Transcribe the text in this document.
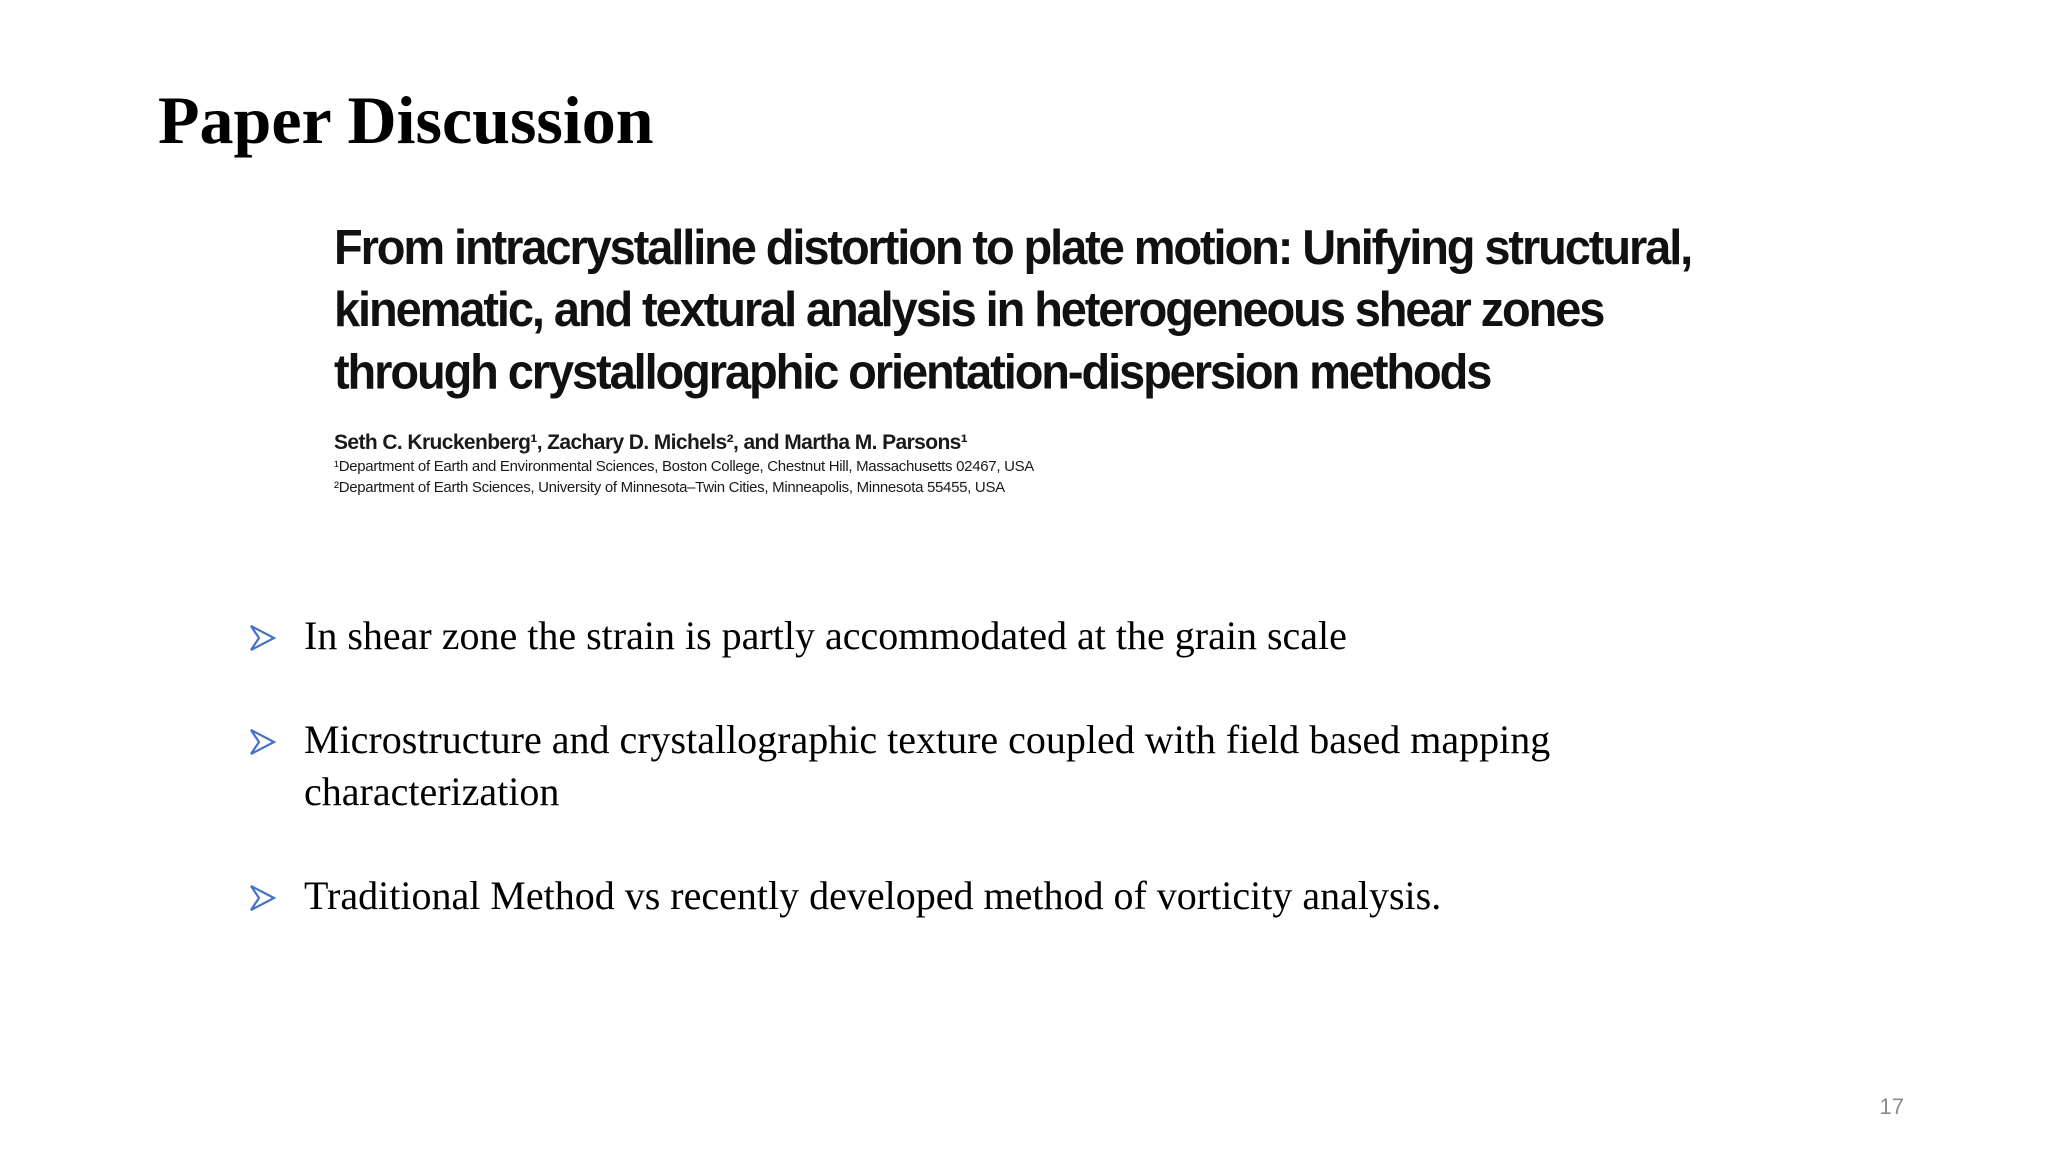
Paper Discussion
From intracrystalline distortion to plate motion: Unifying structural,
kinematic, and textural analysis in heterogeneous shear zones
through crystallographic orientation-dispersion methods
Seth C. Kruckenberg¹, Zachary D. Michels², and Martha M. Parsons¹
¹Department of Earth and Environmental Sciences, Boston College, Chestnut Hill, Massachusetts 02467, USA
²Department of Earth Sciences, University of Minnesota–Twin Cities, Minneapolis, Minnesota 55455, USA
In shear zone the strain is partly accommodated at the grain scale
Microstructure and crystallographic texture coupled with field based mapping characterization
Traditional Method vs recently developed method of vorticity analysis.
17
